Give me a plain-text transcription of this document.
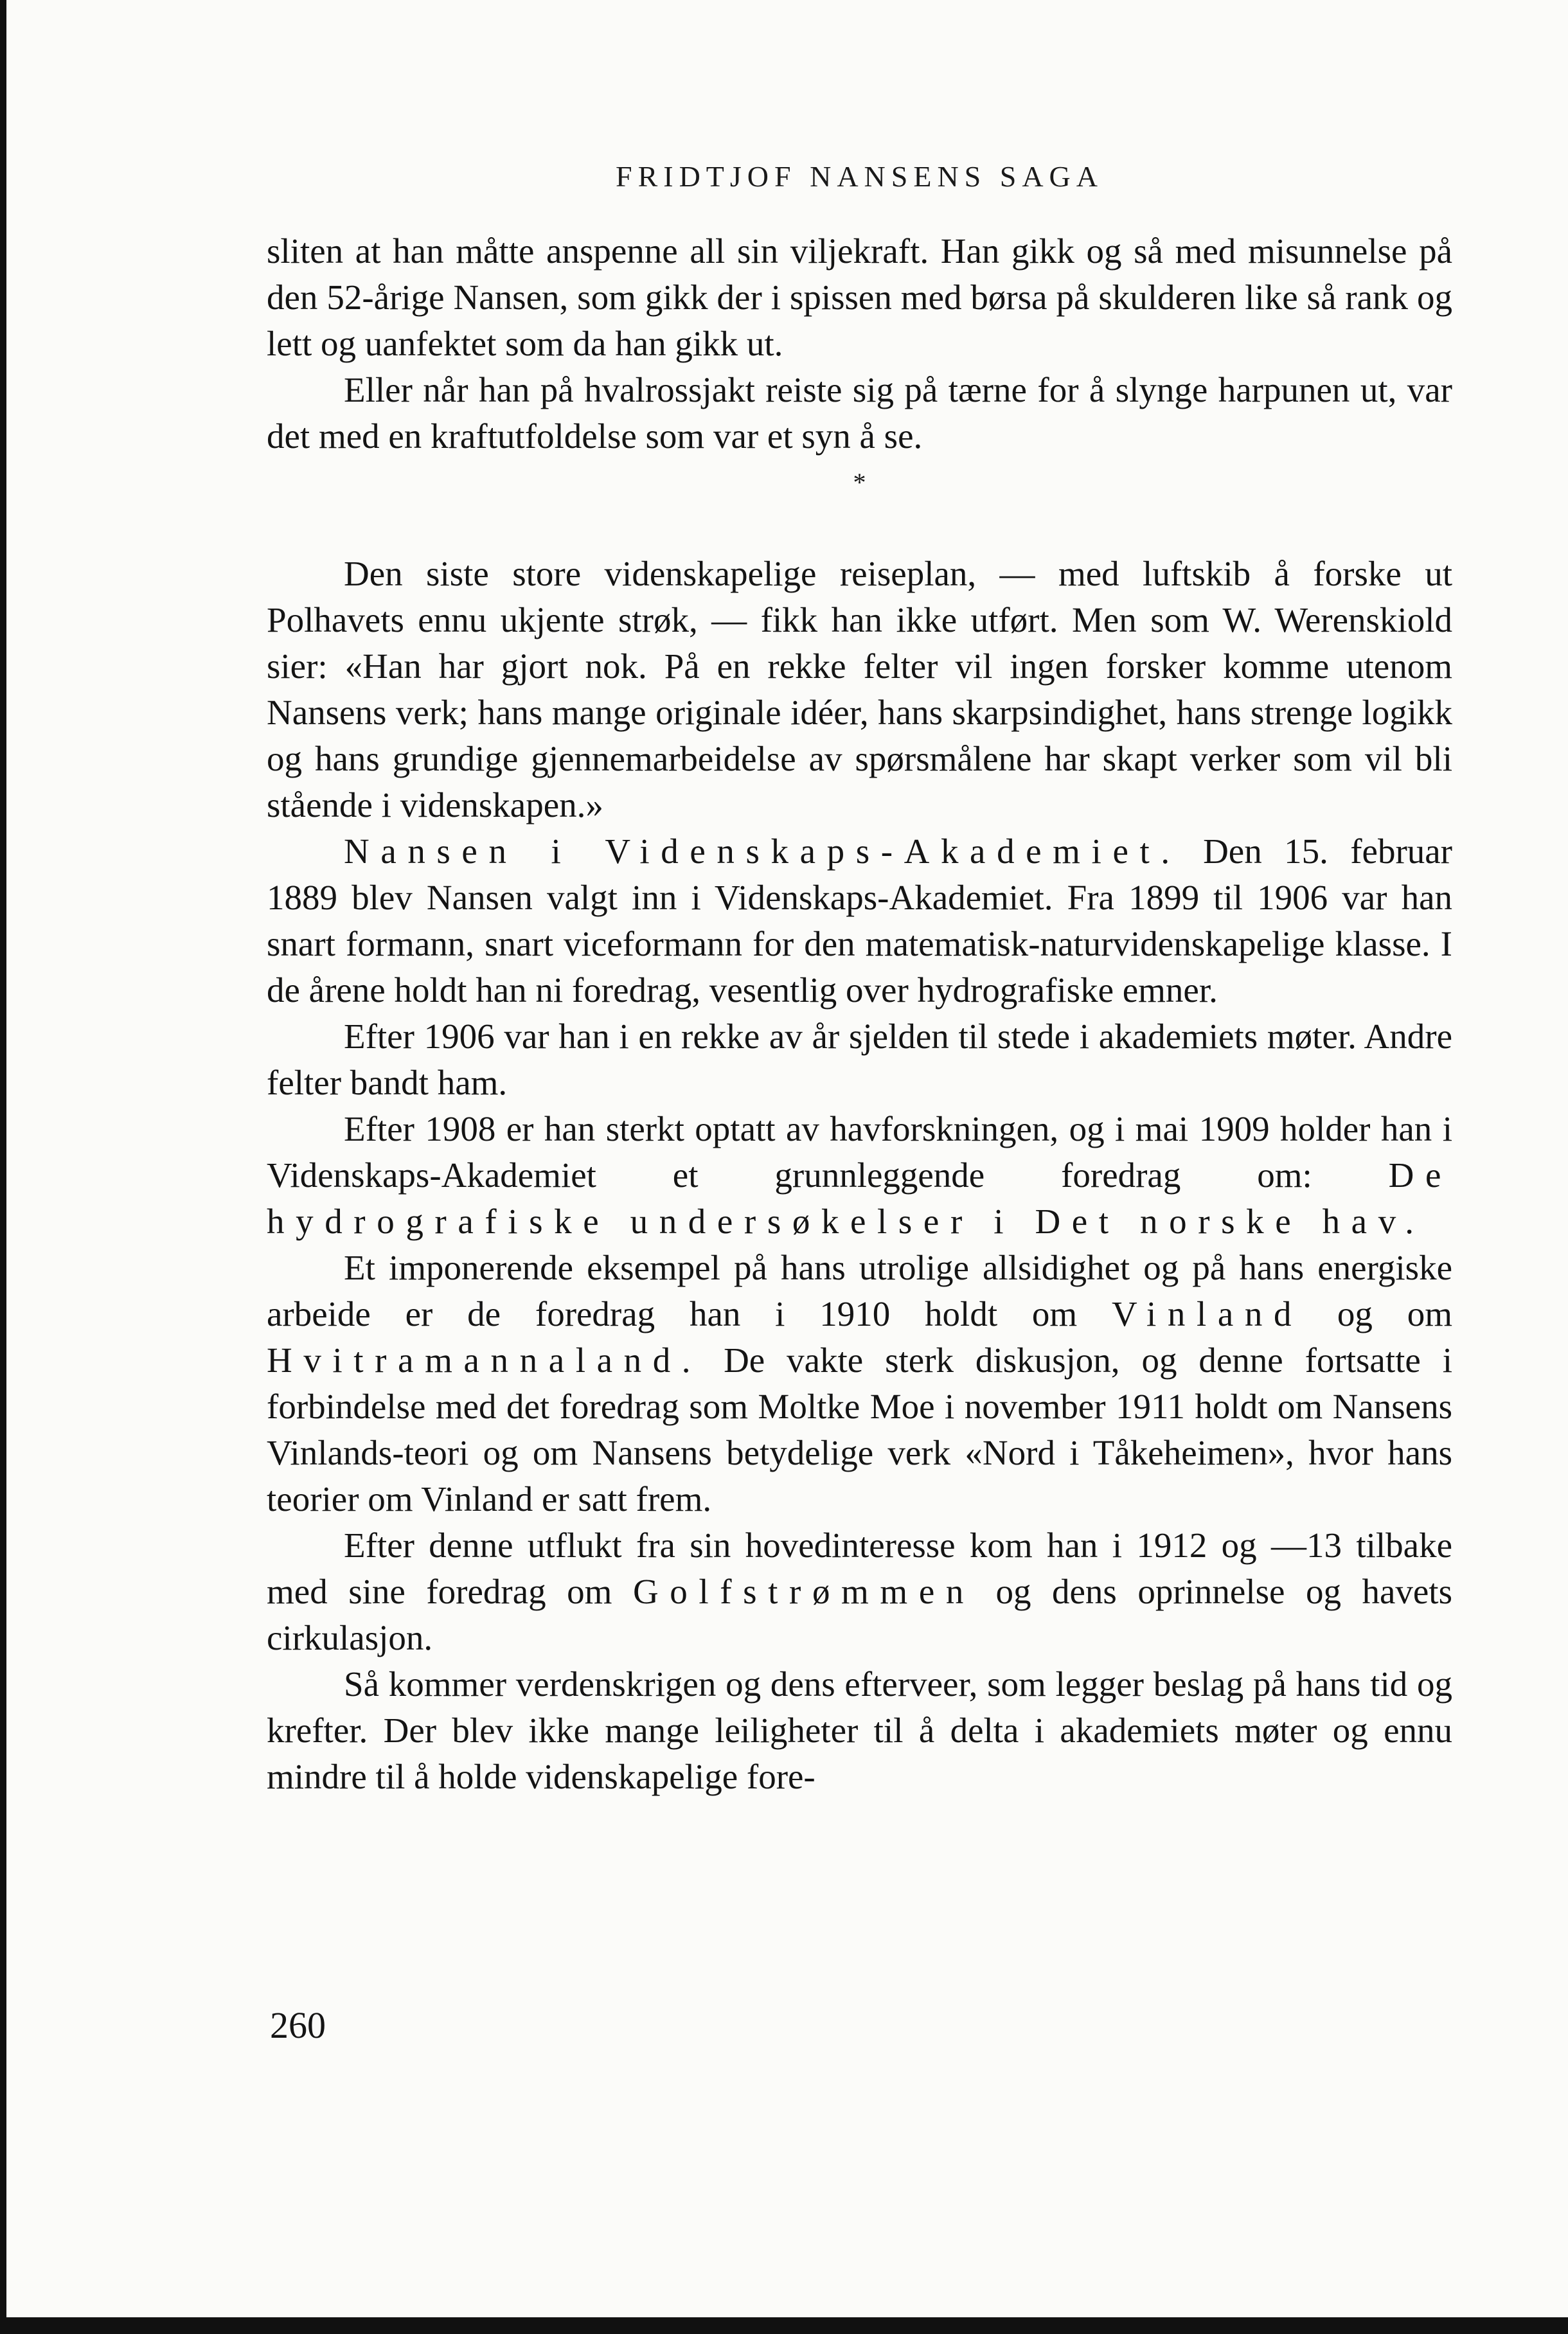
FRIDTJOF NANSENS SAGA

sliten at han måtte anspenne all sin viljekraft. Han gikk og så med misunnelse på den 52-årige Nansen, som gikk der i spissen med børsa på skulderen like så rank og lett og uanfektet som da han gikk ut.

Eller når han på hvalrossjakt reiste sig på tærne for å slynge harpunen ut, var det med en kraftutfoldelse som var et syn å se.

*

Den siste store videnskapelige reiseplan, — med luftskib å forske ut Polhavets ennu ukjente strøk, — fikk han ikke utført. Men som W. Werenskiold sier: «Han har gjort nok. På en rekke felter vil ingen forsker komme utenom Nansens verk; hans mange originale idéer, hans skarpsindighet, hans strenge logikk og hans grundige gjennemarbeidelse av spørsmålene har skapt verker som vil bli stående i videnskapen.»

Nansen i Videnskaps-Akademiet. Den 15. februar 1889 blev Nansen valgt inn i Videnskaps-Akademiet. Fra 1899 til 1906 var han snart formann, snart viceformann for den matematisk-naturvidenskapelige klasse. I de årene holdt han ni foredrag, vesentlig over hydrografiske emner.

Efter 1906 var han i en rekke av år sjelden til stede i akademiets møter. Andre felter bandt ham.

Efter 1908 er han sterkt optatt av havforskningen, og i mai 1909 holder han i Videnskaps-Akademiet et grunnleggende foredrag om: De hydrografiske undersøkelser i Det norske hav.

Et imponerende eksempel på hans utrolige allsidighet og på hans energiske arbeide er de foredrag han i 1910 holdt om Vinland og om Hvitramannaland. De vakte sterk diskusjon, og denne fortsatte i forbindelse med det foredrag som Moltke Moe i november 1911 holdt om Nansens Vinlands-teori og om Nansens betydelige verk «Nord i Tåkeheimen», hvor hans teorier om Vinland er satt frem.

Efter denne utflukt fra sin hovedinteresse kom han i 1912 og —13 tilbake med sine foredrag om Golfstrømmen og dens oprinnelse og havets cirkulasjon.

Så kommer verdenskrigen og dens efterveer, som legger beslag på hans tid og krefter. Der blev ikke mange leiligheter til å delta i akademiets møter og ennu mindre til å holde videnskapelige fore-

260
